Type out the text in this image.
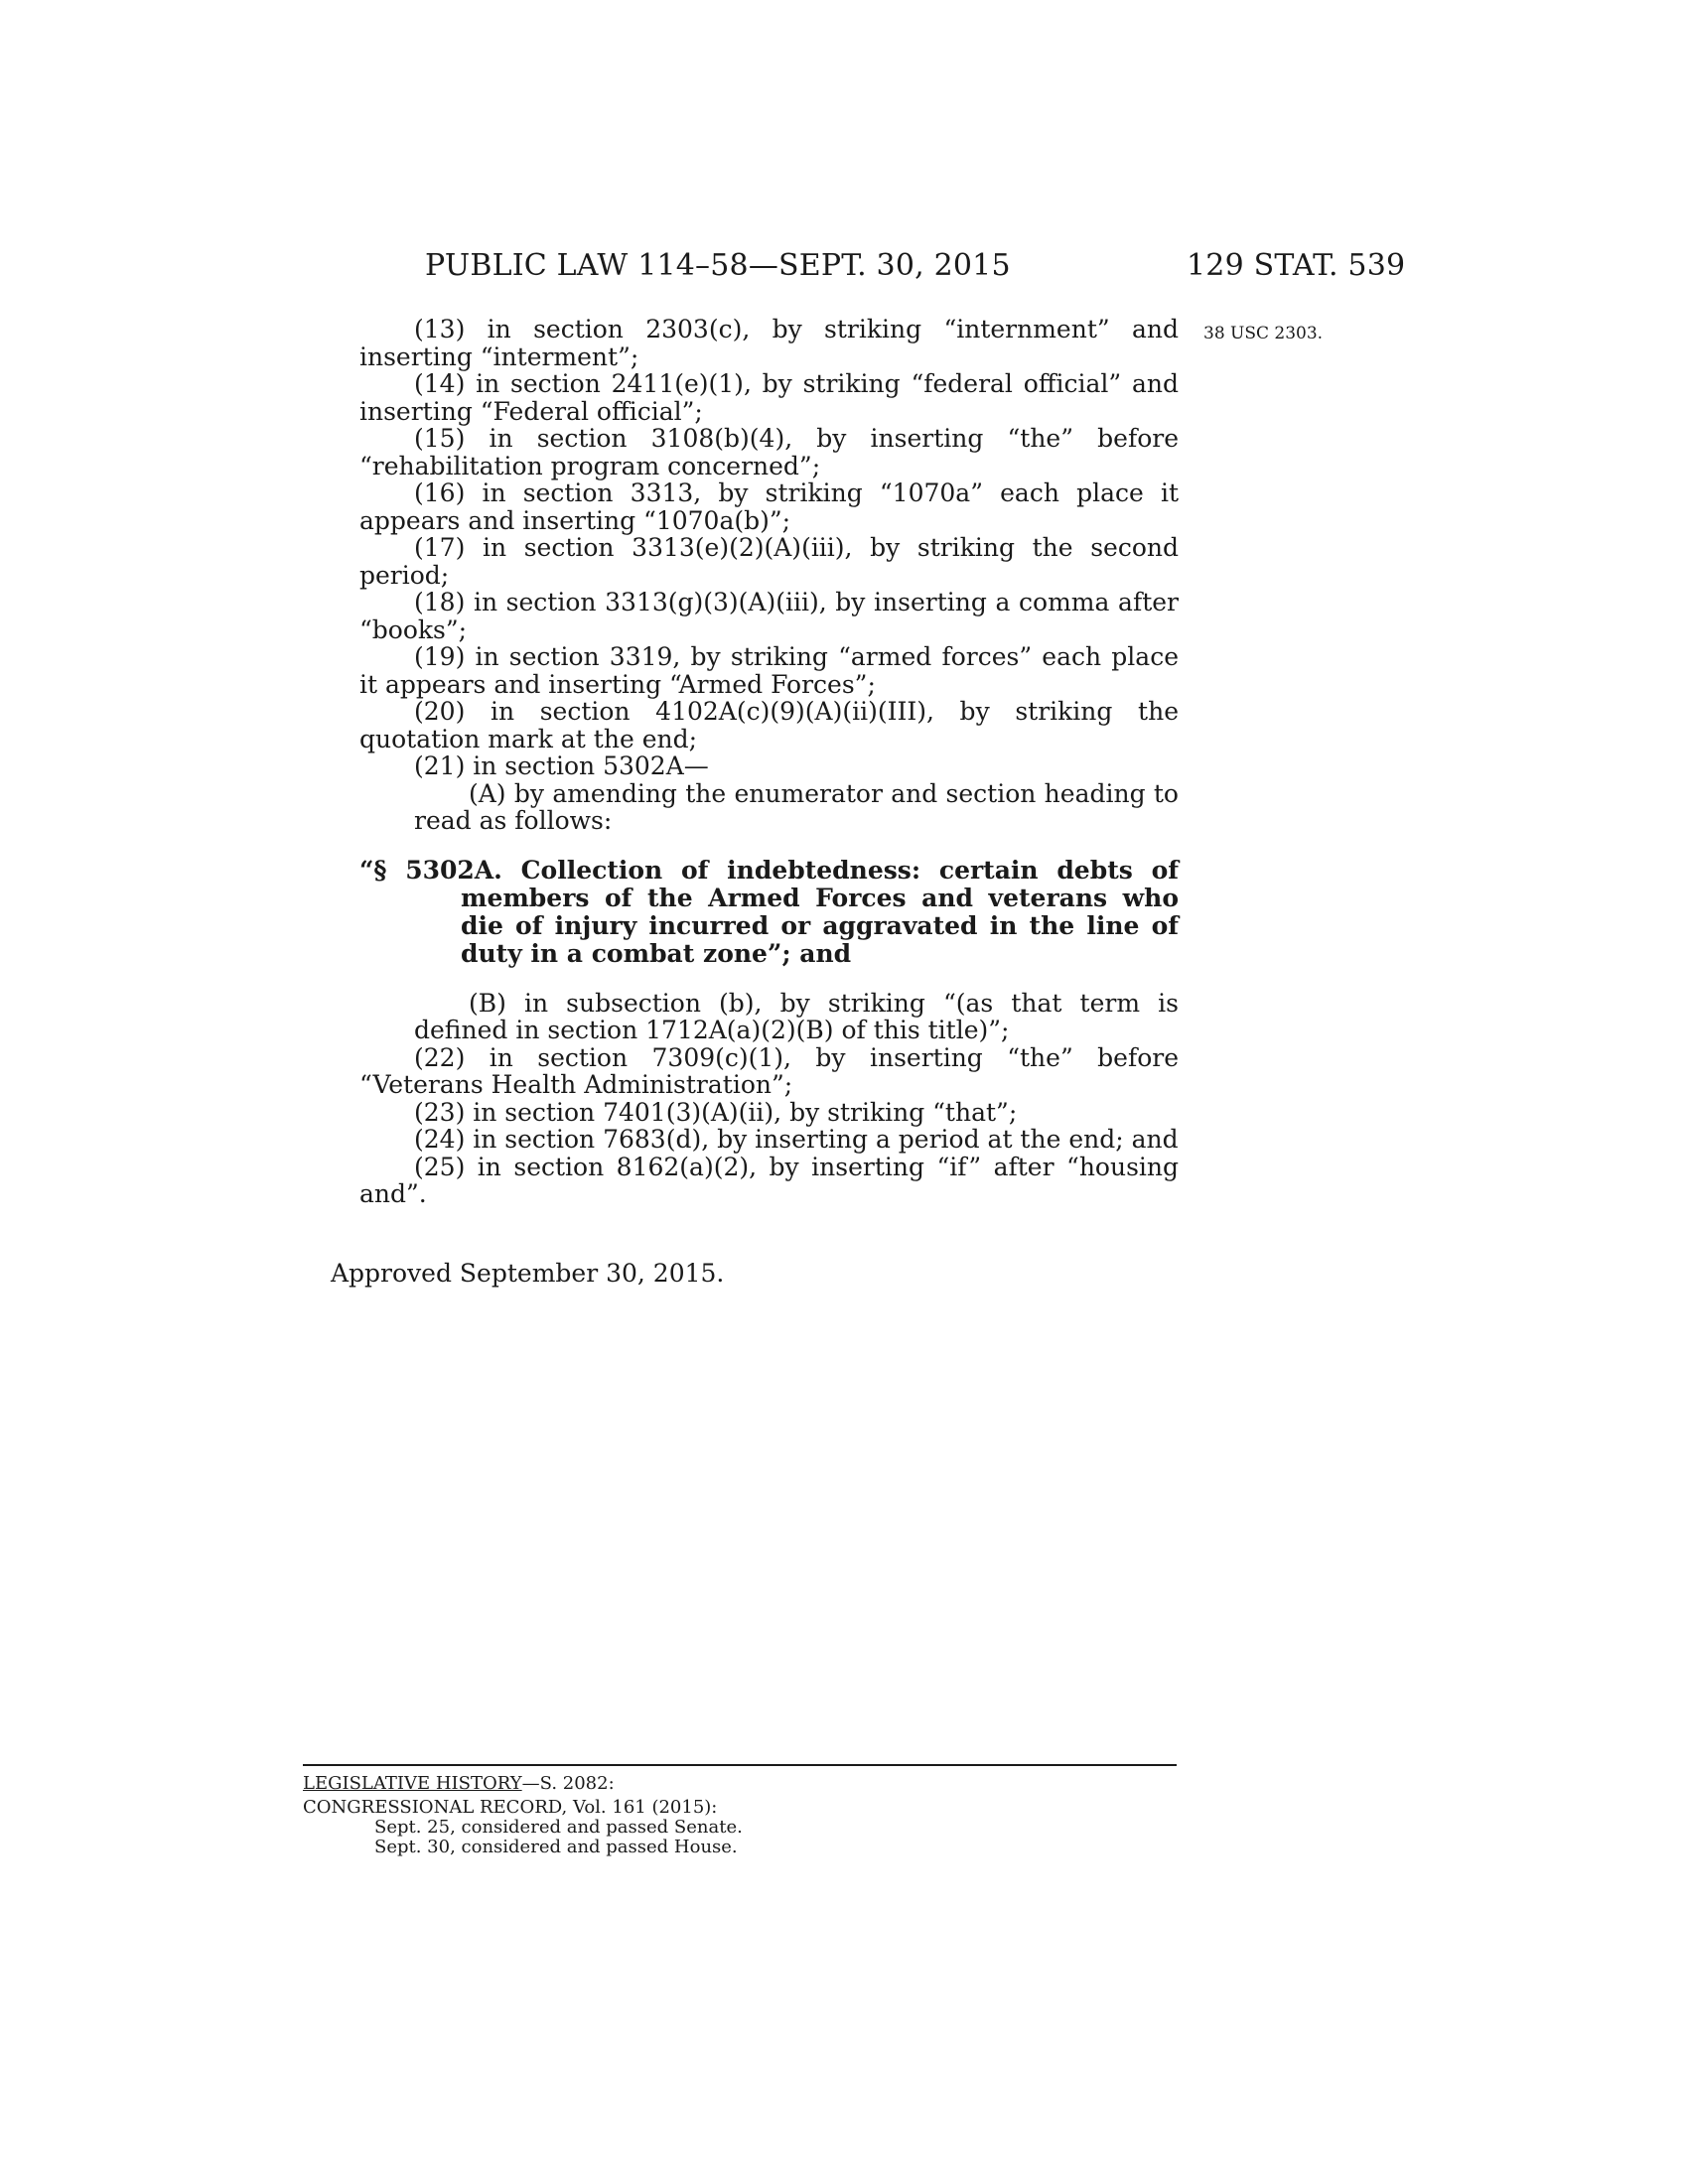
PUBLIC LAW 114–58—SEPT. 30, 2015	129 STAT. 539
38 USC 2303.

(13) in section 2303(c), by striking “internment” and inserting “interment”;

(14) in section 2411(e)(1), by striking “federal official” and inserting “Federal official”;

(15) in section 3108(b)(4), by inserting “the” before “rehabilitation program concerned”;

(16) in section 3313, by striking “1070a” each place it appears and inserting “1070a(b)”;

(17) in section 3313(e)(2)(A)(iii), by striking the second period;

(18) in section 3313(g)(3)(A)(iii), by inserting a comma after “books”;

(19) in section 3319, by striking “armed forces” each place it appears and inserting “Armed Forces”;

(20) in section 4102A(c)(9)(A)(ii)(III), by striking the quotation mark at the end;

(21) in section 5302A—

(A) by amending the enumerator and section heading to read as follows:

“§ 5302A. Collection of indebtedness: certain debts of members of the Armed Forces and veterans who die of injury incurred or aggravated in the line of duty in a combat zone”; and

(B) in subsection (b), by striking “(as that term is defined in section 1712A(a)(2)(B) of this title)”;

(22) in section 7309(c)(1), by inserting “the” before “Veterans Health Administration”;

(23) in section 7401(3)(A)(ii), by striking “that”;

(24) in section 7683(d), by inserting a period at the end; and

(25) in section 8162(a)(2), by inserting “if” after “housing and”.

Approved September 30, 2015.
LEGISLATIVE HISTORY—S. 2082:
CONGRESSIONAL RECORD, Vol. 161 (2015):
Sept. 25, considered and passed Senate.
Sept. 30, considered and passed House.
